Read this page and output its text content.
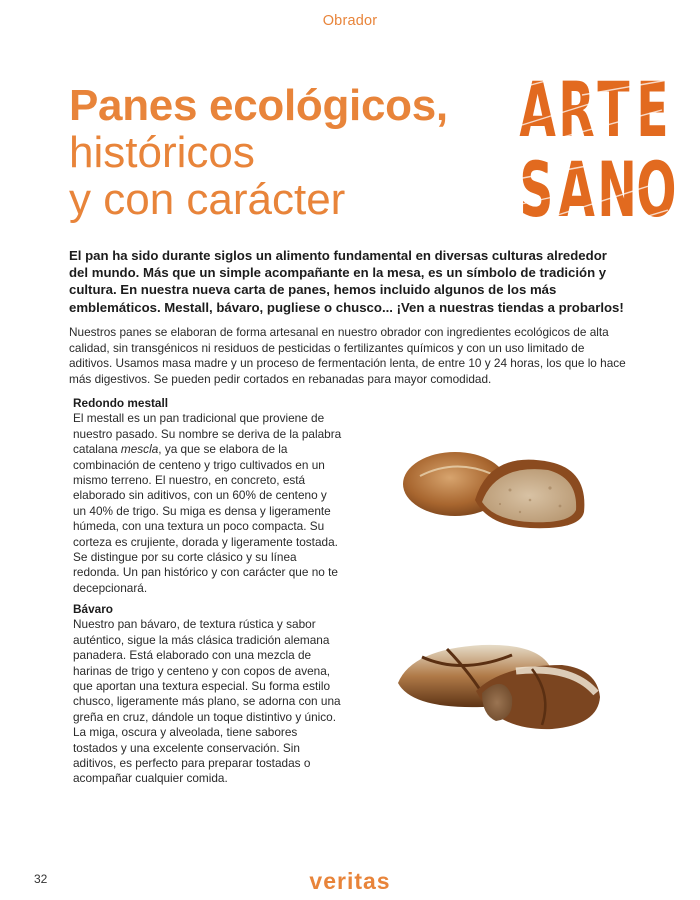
Obrador
Panes ecológicos,
históricos
y con carácter
A R T E
S A N O

El pan ha sido durante siglos un alimento fundamental en diversas culturas alrededor del mundo. Más que un simple acompañante en la mesa, es un símbolo de tradición y cultura. En nuestra nueva carta de panes, hemos incluido algunos de los más emblemáticos. Mestall, bávaro, pugliese o chusco... ¡Ven a nuestras tiendas a probarlos!

Nuestros panes se elaboran de forma artesanal en nuestro obrador con ingredientes ecológicos de alta calidad, sin transgénicos ni residuos de pesticidas o fertilizantes químicos y con un uso limitado de aditivos. Usamos masa madre y un proceso de fermentación lenta, de entre 10 y 24 horas, los que lo hace más digestivos. Se pueden pedir cortados en rebanadas para mayor comodidad.

Redondo mestall

El mestall es un pan tradicional que proviene de nuestro pasado. Su nombre se deriva de la palabra catalana mescla, ya que se elabora de la combinación de centeno y trigo cultivados en un mismo terreno. El nuestro, en concreto, está elaborado sin aditivos, con un 60% de centeno y un 40% de trigo. Su miga es densa y ligeramente húmeda, con una textura un poco compacta. Su corteza es crujiente, dorada y ligeramente tostada. Se distingue por su corte clásico y su línea redonda. Un pan histórico y con carácter que no te decepcionará.

Bávaro

Nuestro pan bávaro, de textura rústica y sabor auténtico, sigue la más clásica tradición alemana panadera. Está elaborado con una mezcla de harinas de trigo y centeno y con copos de avena, que aportan una textura especial. Su forma estilo chusco, ligeramente más plano, se adorna con una greña en cruz, dándole un toque distintivo y único. La miga, oscura y alveolada, tiene sabores tostados y una excelente conservación. Sin aditivos, es perfecto para preparar tostadas o acompañar cualquier comida.

32	veritas
